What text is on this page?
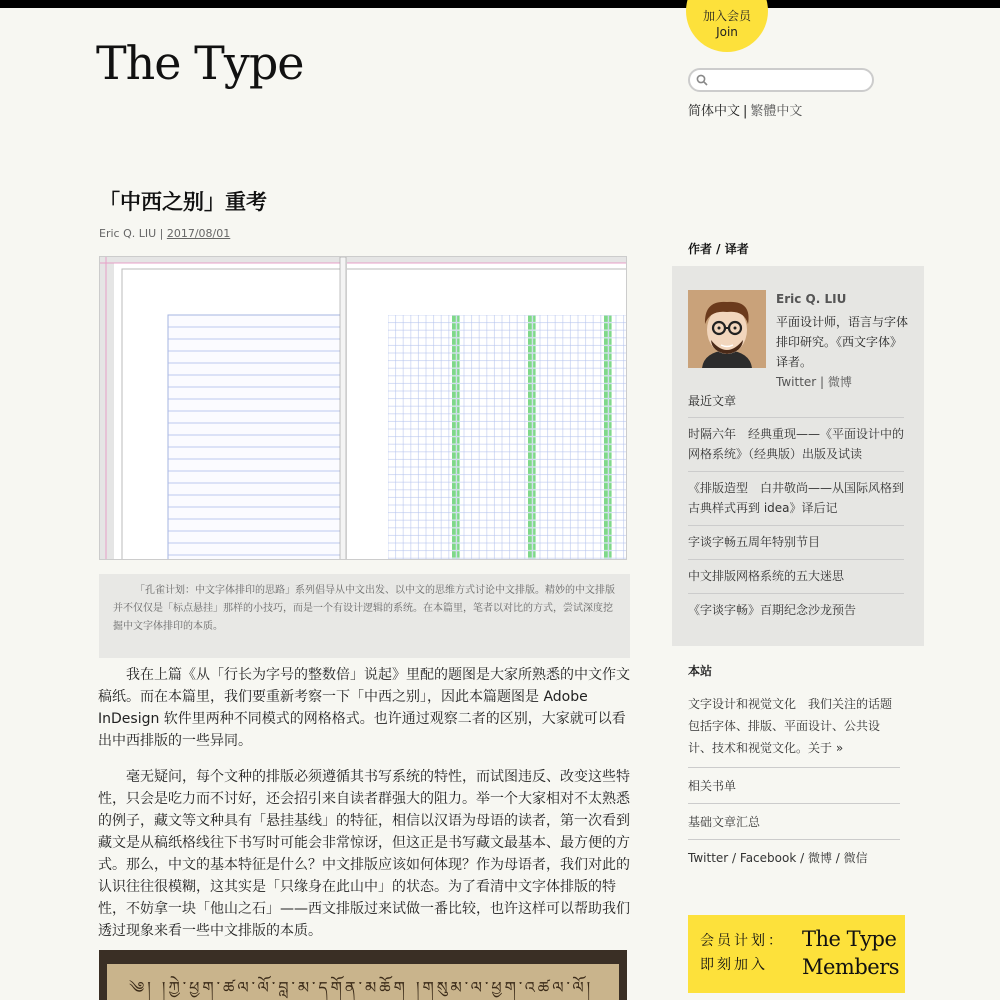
The Type
加入会员
Join
简体中文 | 繁體中文
「中西之别」重考
Eric Q. LIU | 2017/08/01
「孔雀计划：中文字体排印的思路」系列倡导从中文出发、以中文的思维方式讨论中文排版。精妙的中文排版并不仅仅是「标点悬挂」那样的小技巧，而是一个有设计逻辑的系统。在本篇里，笔者以对比的方式，尝试深度挖掘中文字体排印的本质。

我在上篇《从「行长为字号的整数倍」说起》里配的题图是大家所熟悉的中文作文稿纸。而在本篇里，我们要重新考察一下「中西之别」，因此本篇题图是 Adobe InDesign 软件里两种不同模式的网格格式。也许通过观察二者的区别，大家就可以看出中西排版的一些异同。

毫无疑问，每个文种的排版必须遵循其书写系统的特性，而试图违反、改变这些特性，只会是吃力而不讨好，还会招引来自读者群强大的阻力。举一个大家相对不太熟悉的例子，藏文等文种具有「悬挂基线」的特征，相信以汉语为母语的读者，第一次看到藏文是从稿纸格线往下书写时可能会非常惊讶，但这正是书写藏文最基本、最方便的方式。那么，中文的基本特征是什么？中文排版应该如何体现？作为母语者，我们对此的认识往往很模糊，这其实是「只缘身在此山中」的状态。为了看清中文字体排版的特性，不妨拿一块「他山之石」——西文排版过来试做一番比较，也许这样可以帮助我们透过现象来看一些中文排版的本质。

༄། །ཀྱེ་ཕྱག་ཚལ་ལོ་བླ་མ་དགོན་མཆོག །གསུམ་ལ་ཕྱག་འཚལ་ལོ།
作者 / 译者
Eric Q. LIU
平面设计师，语言与字体排印研究。《西文字体》译者。
Twitter | 微博
最近文章
时隔六年　经典重现——《平面设计中的网格系统》（经典版）出版及试读
《排版造型　白井敬尚——从国际风格到古典样式再到 idea》译后记
字谈字畅五周年特别节目
中文排版网格系统的五大迷思
《字谈字畅》百期纪念沙龙预告
本站
文字设计和视觉文化　我们关注的话题包括字体、排版、平面设计、公共设计、技术和视觉文化。关于 »
相关书单
基础文章汇总
Twitter / Facebook / 微博 / 微信
会员计划：
即刻加入
The Type
Members
